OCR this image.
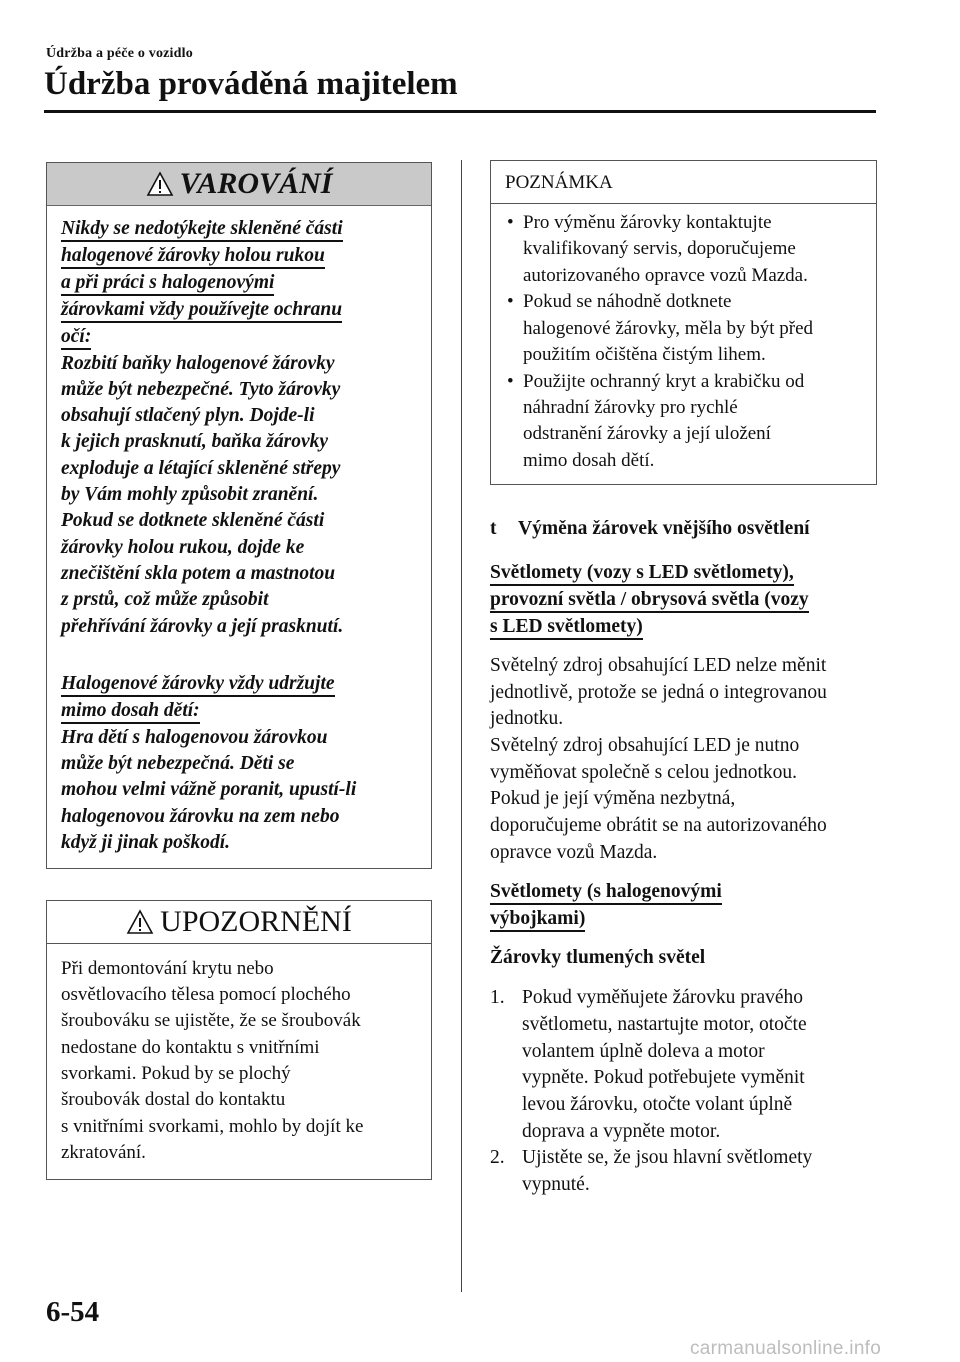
Údržba a péče o vozidlo
Údržba prováděná majitelem
VAROVÁNÍ
Nikdy se nedotýkejte skleněné části
halogenové žárovky holou rukou
a při práci s halogenovými
žárovkami vždy používejte ochranu
očí:
Rozbití baňky halogenové žárovky
může být nebezpečné. Tyto žárovky
obsahují stlačený plyn. Dojde-li
k jejich prasknutí, baňka žárovky
exploduje a létající skleněné střepy
by Vám mohly způsobit zranění.
Pokud se dotknete skleněné části
žárovky holou rukou, dojde ke
znečištění skla potem a mastnotou
z prstů, což může způsobit
přehřívání žárovky a její prasknutí.
Halogenové žárovky vždy udržujte
mimo dosah dětí:
Hra dětí s halogenovou žárovkou
může být nebezpečná. Děti se
mohou velmi vážně poranit, upustí-li
halogenovou žárovku na zem nebo
když ji jinak poškodí.
UPOZORNĚNÍ
Při demontování krytu nebo
osvětlovacího tělesa pomocí plochého
šroubováku se ujistěte, že se šroubovák
nedostane do kontaktu s vnitřními
svorkami. Pokud by se plochý
šroubovák dostal do kontaktu
s vnitřními svorkami, mohlo by dojít ke
zkratování.
POZNÁMKA
• Pro výměnu žárovky kontaktujte
kvalifikovaný servis, doporučujeme
autorizovaného opravce vozů Mazda.
• Pokud se náhodně dotknete
halogenové žárovky, měla by být před
použitím očištěna čistým lihem.
• Použijte ochranný kryt a krabičku od
náhradní žárovky pro rychlé
odstranění žárovky a její uložení
mimo dosah dětí.
t Výměna žárovek vnějšího osvětlení
Světlomety (vozy s LED světlomety),
provozní světla / obrysová světla (vozy
s LED světlomety)
Světelný zdroj obsahující LED nelze měnit
jednotlivě, protože se jedná o integrovanou
jednotku.
Světelný zdroj obsahující LED je nutno
vyměňovat společně s celou jednotkou.
Pokud je její výměna nezbytná,
doporučujeme obrátit se na autorizovaného
opravce vozů Mazda.
Světlomety (s halogenovými
výbojkami)
Žárovky tlumených světel
1. Pokud vyměňujete žárovku pravého
světlometu, nastartujte motor, otočte
volantem úplně doleva a motor
vypněte. Pokud potřebujete vyměnit
levou žárovku, otočte volant úplně
doprava a vypněte motor.
2. Ujistěte se, že jsou hlavní světlomety
vypnuté.
6-54
carmanualsonline.info
